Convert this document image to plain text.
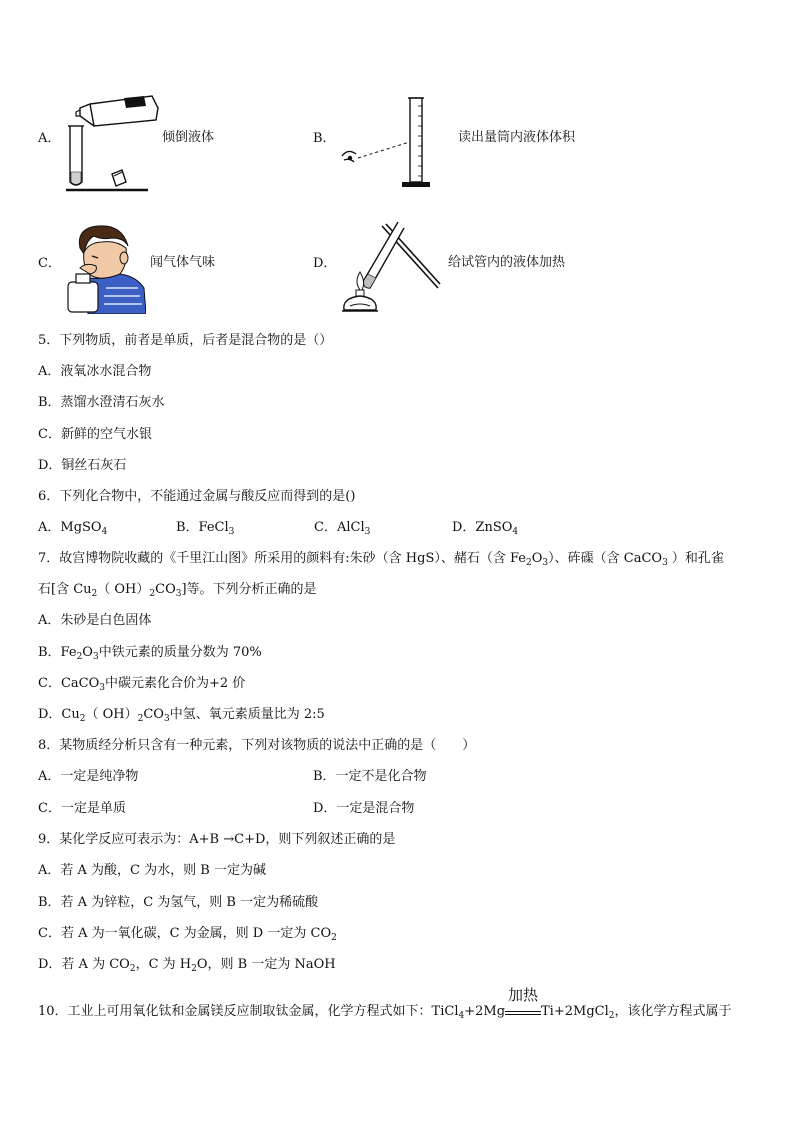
A．	倾倒液体	B．	读出量筒内液体体积
C．	闻气体气味	D．	给试管内的液体加热
5．下列物质，前者是单质，后者是混合物的是（）
A．液氧冰水混合物
B．蒸馏水澄清石灰水
C．新鲜的空气水银
D．铜丝石灰石
6．下列化合物中，不能通过金属与酸反应而得到的是()
A．MgSO$_4$	B．FeCl$_3$	C．AlCl$_3$	D．ZnSO$_4$
7．故宫博物院收藏的《千里江山图》所采用的颜料有:朱砂（含 HgS）、赭石（含 $Fe_2O_3$）、砗磲（含 CaCO$_3$ ）和孔雀
石[含 $Cu_2$（ $OH)_2CO_3$]等。下列分析正确的是
A．朱砂是白色固体
B．$Fe_2O_3$中铁元素的质量分数为 70%
C．CaCO$_3$中碳元素化合价为+2 价
D．$Cu_2$（ $OH)_2CO_3$中氢、氧元素质量比为 2:5
8．某物质经分析只含有一种元素，下列对该物质的说法中正确的是（　　）
A．一定是纯净物	B．一定不是化合物
C．一定是单质	D．一定是混合物
9．某化学反应可表示为：A+B →C+D，则下列叙述正确的是
A．若 A 为酸，C 为水，则 B 一定为碱
B．若 A 为锌粒，C 为氢气，则 B 一定为稀硫酸
C．若 A 为一氧化碳，C 为金属，则 D 一定为 $CO_2$
D．若 A 为 $CO_2$，C 为 $H_2O$，则 B 一定为 NaOH
10．工业上可用氧化钛和金属镁反应制取钛金属，化学方程式如下：TiCl$_4$+2Mg
加热
Ti+2MgCl$_2$，该化学方程式属于
